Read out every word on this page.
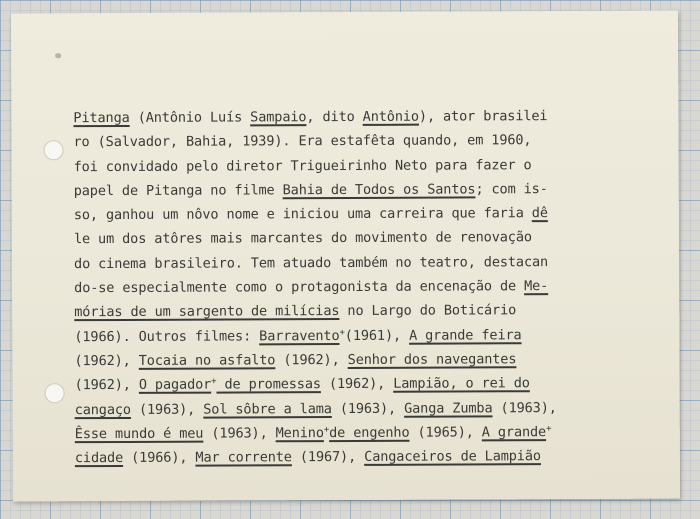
Pitanga (Antônio Luís Sampaio, dito Antônio), ator brasilei
ro (Salvador, Bahia, 1939). Era estafêta quando, em 1960,
foi convidado pelo diretor Trigueirinho Neto para fazer o
papel de Pitanga no filme Bahia de Todos os Santos; com is-
so, ganhou um nôvo nome e iniciou uma carreira que faria dê
le um dos atôres mais marcantes do movimento de renovação
do cinema brasileiro. Tem atuado também no teatro, destacan
do-se especialmente como o protagonista da encenação de Me-
mórias de um sargento de milícias no Largo do Boticário
(1966). Outros filmes: Barravento+(1961), A grande feira
(1962), Tocaia no asfalto (1962), Senhor dos navegantes
(1962), O pagador+ de promessas (1962), Lampião, o rei do
cangaço (1963), Sol sôbre a lama (1963), Ganga Zumba (1963),
Êsse mundo é meu (1963), Menino+de engenho (1965), A grande+
cidade (1966), Mar corrente (1967), Cangaceiros de Lampião
